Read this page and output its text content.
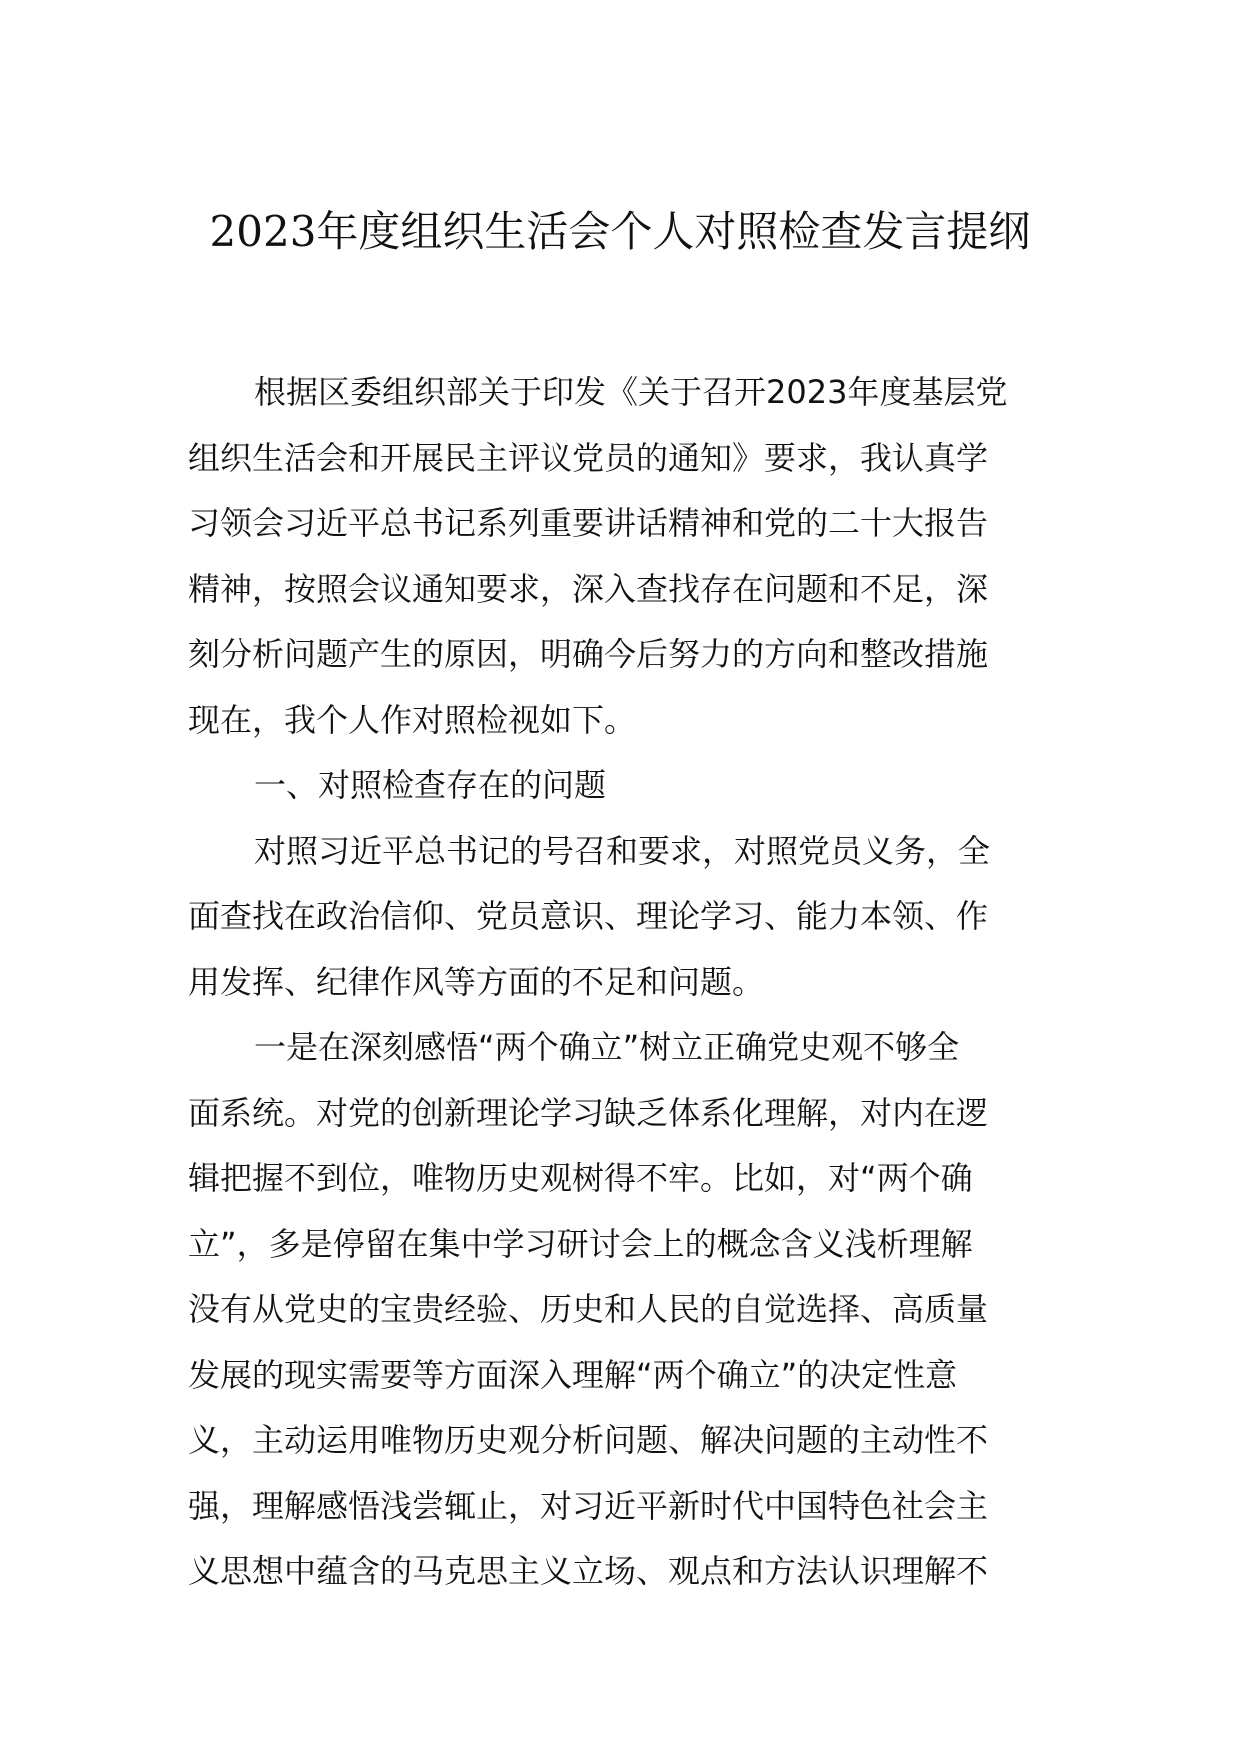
2023年度组织生活会个人对照检查发言提纲

根据区委组织部关于印发《关于召开2023年度基层党
组织生活会和开展民主评议党员的通知》要求，我认真学
习领会习近平总书记系列重要讲话精神和党的二十大报告
精神，按照会议通知要求，深入查找存在问题和不足，深
刻分析问题产生的原因，明确今后努力的方向和整改措施
现在，我个人作对照检视如下。

一、对照检查存在的问题

对照习近平总书记的号召和要求，对照党员义务，全
面查找在政治信仰、党员意识、理论学习、能力本领、作
用发挥、纪律作风等方面的不足和问题。

一是在深刻感悟“两个确立”树立正确党史观不够全
面系统。对党的创新理论学习缺乏体系化理解，对内在逻
辑把握不到位，唯物历史观树得不牢。比如，对“两个确
立”，多是停留在集中学习研讨会上的概念含义浅析理解
没有从党史的宝贵经验、历史和人民的自觉选择、高质量
发展的现实需要等方面深入理解“两个确立”的决定性意
义，主动运用唯物历史观分析问题、解决问题的主动性不
强，理解感悟浅尝辄止，对习近平新时代中国特色社会主
义思想中蕴含的马克思主义立场、观点和方法认识理解不
